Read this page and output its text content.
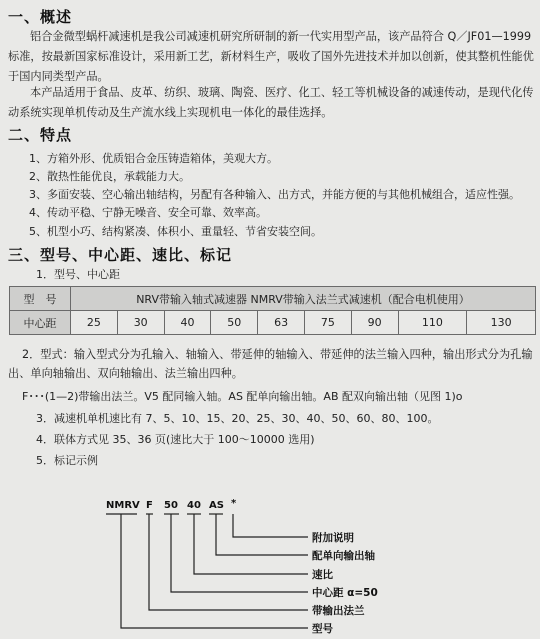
一、概述

铝合金微型蜗杆减速机是我公司减速机研究所研制的新一代实用型产品，该产品符合 Q／JF01—1999 标准，按最新国家标准设计，采用新工艺，新材料生产，吸收了国外先进技术并加以创新，使其整机性能优于国内同类型产品。

本产品适用于食品、皮革、纺织、玻璃、陶瓷、医疗、化工、轻工等机械设备的减速传动，是现代化传动系统实现单机传动及生产流水线上实现机电一体化的最佳选择。

二、特点
1、方箱外形、优质铝合金压铸造箱体，美观大方。
2、散热性能优良，承载能力大。
3、多面安装、空心输出轴结构，另配有各种输入、出方式，并能方便的与其他机械组合，适应性强。
4、传动平稳、宁静无噪音、安全可靠、效率高。
5、机型小巧、结构紧凑、体积小、重量轻、节省安装空间。
三、型号、中心距、速比、标记
1．型号、中心距
型　号	NRV带输入轴式减速器 NMRV带输入法兰式减速机（配合电机使用）								
中心距	25	30	40	50	63	75	90	110	130

2．型式：输入型式分为孔输入、轴输入、带延伸的轴输入、带延伸的法兰输入四种，输出形式分为孔输出、单向轴输出、双向轴输出、法兰输出四种。

F･･･(1—2)带输出法兰。V5 配同输入轴。AS 配单向输出轴。AB 配双向输出轴（见图 1)o
3．减速机单机速比有 7、5、10、15、20、25、30、40、50、60、80、100。
4．联体方式见 35、36 页(速比大于 100～10000 选用)
5．标记示例
NMRV F 50 40 AS *
附加说明
配单向输出轴
速比
中心距 α=50
带输出法兰
型号
